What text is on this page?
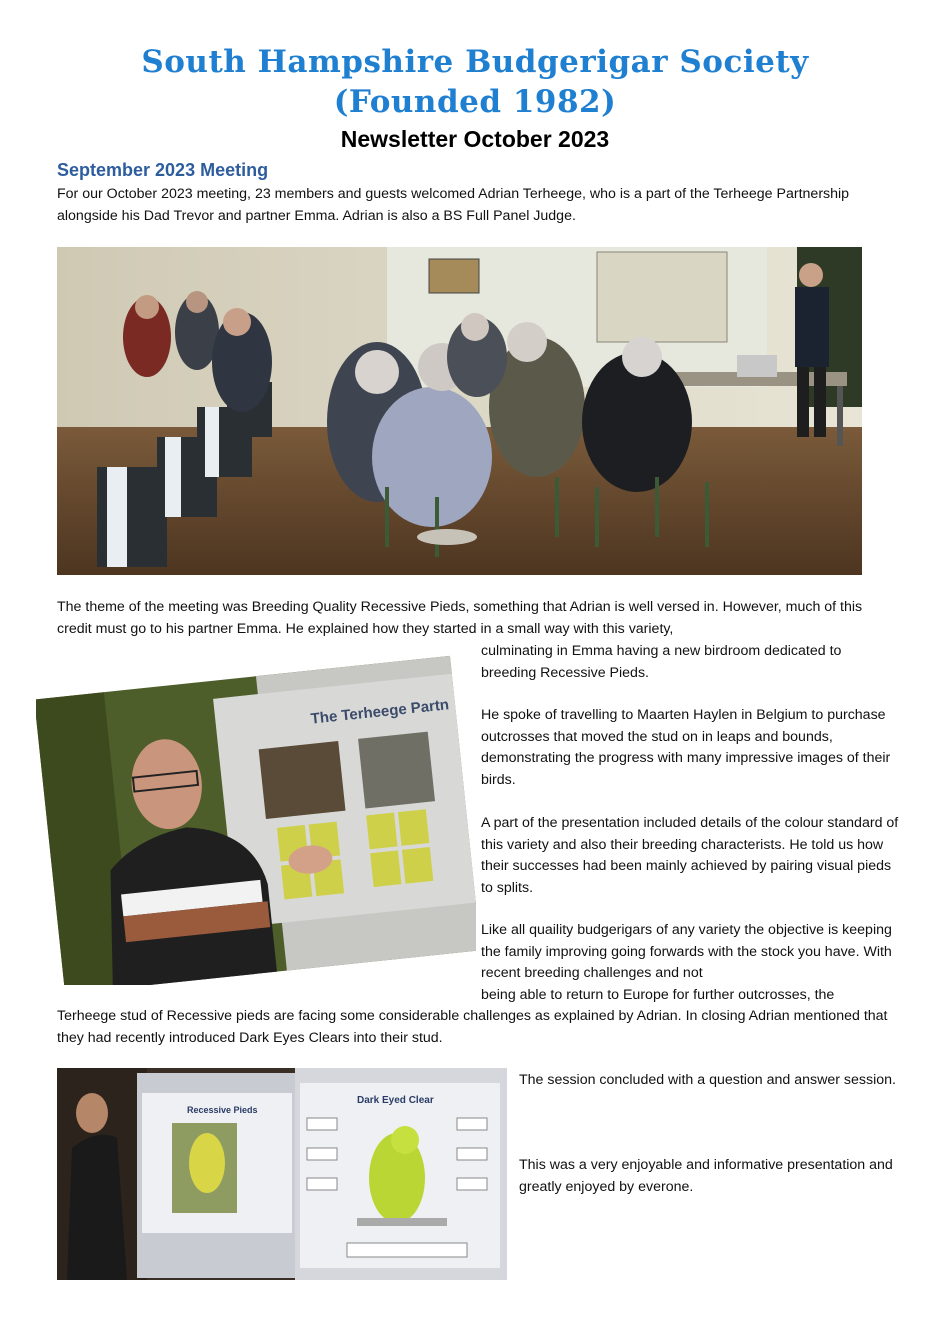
South Hampshire Budgerigar Society
(Founded 1982)
Newsletter October 2023
September 2023 Meeting
For our October 2023 meeting, 23 members and guests welcomed Adrian Terheege, who is a part of the Terheege Partnership alongside his Dad Trevor and partner Emma. Adrian is also a BS Full Panel Judge.
The theme of the meeting was Breeding Quality Recessive Pieds, something that Adrian is well versed in. However, much of this credit must go to his partner Emma. He explained how they started in a small way with this variety,
culminating in Emma having a new birdroom dedicated to breeding Recessive Pieds.
The Terheege Partn He spoke of travelling to Maarten Haylen in Belgium to purchase outcrosses that moved the stud on in leaps and bounds, demonstrating the progress with many impressive images of their birds.
A part of the presentation included details of the colour standard of this variety and also their breeding characterists. He told us how their successes had been mainly achieved by pairing visual pieds to splits.
Like all quaility budgerigars of any variety the objective is keeping the family improving going forwards with the stock you have. With recent breeding challenges and not
being able to return to Europe for further outcrosses, the
Terheege stud of Recessive pieds are facing some considerable challenges as explained by Adrian. In closing Adrian mentioned that they had recently introduced Dark Eyes Clears into their stud.
Recessive Pieds
Dark Eyed Clear
The session concluded with a question and answer session.
This was a very enjoyable and informative presentation and greatly enjoyed by everone.
